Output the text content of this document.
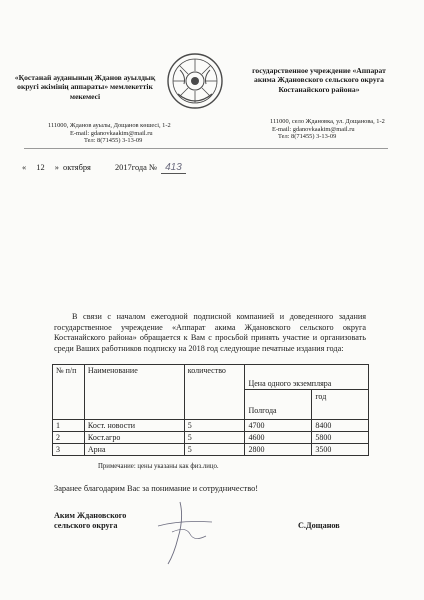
«Қостанай ауданының Жданов ауылдық округі әкімінің аппараты» мемлекеттік мекемесі
государственное учреждение «Аппарат акима Ждановского сельского округа Костанайского района»
111000, Жданов ауылы, Дощанов көшесі, 1-2
E-mail: gdanovkaakim@mail.ru
Тел: 8(71455) 3-13-09
111000, село Ждановка, ул. Дощанова, 1-2
E-mail: gdanovkaakim@mail.ru
Тел: 8(71455) 3-13-09
« 12 » октября	2017года № 413

В связи с началом ежегодной подписной компанией и доведенного задания государственное учреждение «Аппарат акима Ждановского сельского округа Костанайского района» обращается к Вам с просьбой принять участие и организовать среди Ваших работников подписку на 2018 год следующие печатные издания года:

№ п/п	Наименование	количество	Цена одного экземпляра	
			Полгода	год
1	Кост. новости	5	4700	8400
2	Кост.агро	5	4600	5800
3	Арна	5	2800	3500
Примечание: цены указаны как физ.лицо.
Заранее благодарим Вас за понимание и сотрудничество!
Аким Ждановского
сельского округа	С.Дощанов
